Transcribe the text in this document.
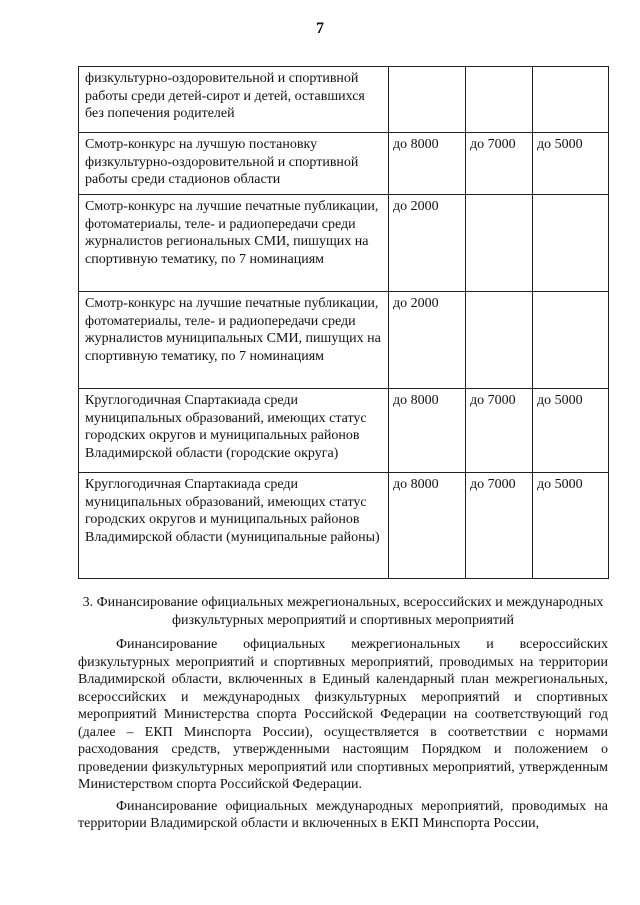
7
физкультурно-оздоровительной и спортивной работы среди детей-сирот и детей, оставшихся без попечения родителей			
Смотр-конкурс на лучшую постановку физкультурно-оздоровительной и спортивной работы среди стадионов области	до 8000	до 7000	до 5000
Смотр-конкурс на лучшие печатные публикации, фотоматериалы, теле- и радиопередачи среди журналистов региональных СМИ, пишущих на спортивную тематику, по 7 номинациям	до 2000		
Смотр-конкурс на лучшие печатные публикации, фотоматериалы, теле- и радиопередачи среди журналистов муниципальных СМИ, пишущих на спортивную тематику, по 7 номинациям	до 2000		
Круглогодичная Спартакиада среди муниципальных образований, имеющих статус городских округов и муниципальных районов Владимирской области (городские округа)	до 8000	до 7000	до 5000
Круглогодичная Спартакиада среди муниципальных образований, имеющих статус городских округов и муниципальных районов Владимирской области (муниципальные районы)	до 8000	до 7000	до 5000
3. Финансирование официальных межрегиональных, всероссийских и международных физкультурных мероприятий и спортивных мероприятий

Финансирование официальных межрегиональных и всероссийских физкультурных мероприятий и спортивных мероприятий, проводимых на территории Владимирской области, включенных в Единый календарный план межрегиональных, всероссийских и международных физкультурных мероприятий и спортивных мероприятий Министерства спорта Российской Федерации на соответствующий год (далее – ЕКП Минспорта России), осуществляется в соответствии с нормами расходования средств, утвержденными настоящим Порядком и положением о проведении физкультурных мероприятий или спортивных мероприятий, утвержденным Министерством спорта Российской Федерации.

Финансирование официальных международных мероприятий, проводимых на территории Владимирской области и включенных в ЕКП Минспорта России,
